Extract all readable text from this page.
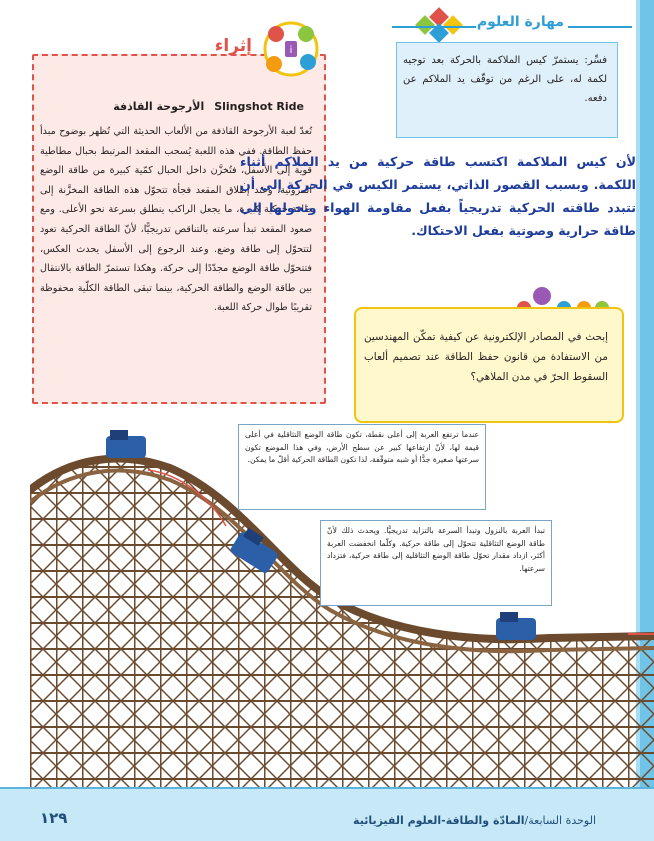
مهارة العلوم
فسِّر: يستمرّ كيس الملاكمة بالحركة بعد توجيه لكمة له، على الرغم من توقّف يد الملاكم عن دفعه.
Slingshot Rideالأرجوحة القاذفة
تُعدّ لعبة الأرجوحة القاذفة من الألعاب الحديثة التي تُظهر بوضوح مبدأ حفظ الطاقة. ففي هذه اللعبة يُسحب المقعد المرتبط بحبال مطاطية قوية إلى الأسفل، فتُخزَّن داخل الحبال كمّية كبيرة من طاقة الوضع المرونية. وعند إطلاق المقعد فجأة تتحوّل هذه الطاقة المخزَّنة إلى طاقة حركية كبيرة، ما يجعل الراكب ينطلق بسرعة نحو الأعلى. ومع صعود المقعد تبدأ سرعته بالتناقص تدريجيًّا، لأنّ الطاقة الحركية تعود لتتحوّل إلى طاقة وضع. وعند الرجوع إلى الأسفل يحدث العكس، فتتحوّل طاقة الوضع مجدّدًا إلى حركة. وهكذا تستمرّ الطاقة بالانتقال بين طاقة الوضع والطاقة الحركية، بينما تبقى الطاقة الكلّية محفوظة تقريبًا طوال حركة اللعبة.
إثراء	i
لأن كيس الملاكمة اكتسب طاقة حركية من يد الملاكم أثناء اللكمة. وبسبب القصور الذاتي، يستمر الكيس في الحركة إلى أن تتبدد طاقته الحركية تدريجياً بفعل مقاومة الهواء وتحولها إلى طاقة حرارية وصوتية بفعل الاحتكاك.
إبحث في المصادر الإلكترونية عن كيفية تمكّن المهندسين من الاستفادة من قانون حفظ الطاقة عند تصميم ألعاب السقوط الحرّ في مدن الملاهي؟
عندما ترتفع العربة إلى أعلى نقطة، تكون طاقة الوضع التثاقلية في أعلى قيمة لها، لأنّ ارتفاعها كبير عن سطح الأرض، وفي هذا الموضع تكون سرعتها صغيرة جدًّا أو شبه متوقّفة، لذا تكون الطاقة الحركية أقلّ ما يمكن.
تبدأ العربة بالنزول وتبدأ السرعة بالتزايد تدريجيًّا. ويحدث ذلك لأنّ طاقة الوضع التثاقلية تتحوّل إلى طاقة حركية. وكلّما انخفضت العربة أكثر، ازداد مقدار تحوّل طاقة الوضع التثاقلية إلى طاقة حركية، فتزداد سرعتها.
١٢٩	الوحدة السابعة/المادّة والطاقة-العلوم الفيزيائية
